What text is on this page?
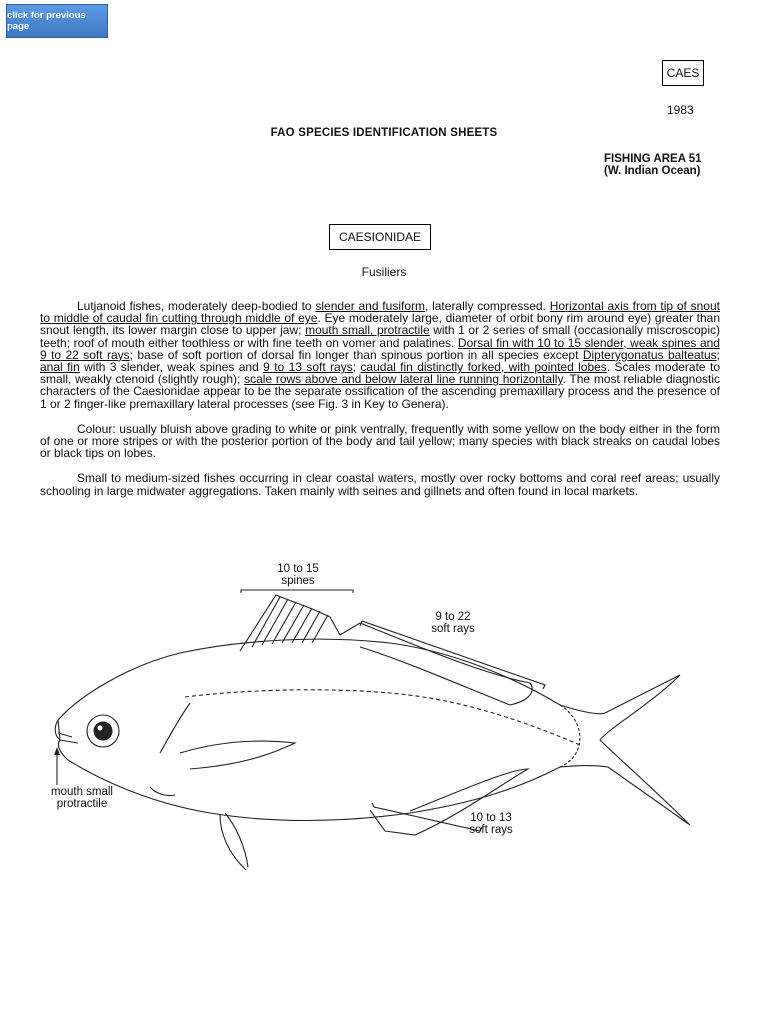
click for previous page
CAES
1983
FAO SPECIES IDENTIFICATION SHEETS
FISHING AREA 51
(W. Indian Ocean)
CAESIONIDAE
Fusiliers

Lutjanoid fishes, moderately deep-bodied to slender and fusiform, laterally compressed. Horizontal axis from tip of snout to middle of caudal fin cutting through middle of eye. Eye moderately large, diameter of orbit bony rim around eye) greater than snout length, its lower margin close to upper jaw; mouth small, protractile with 1 or 2 series of small (occasionally miscroscopic) teeth; roof of mouth either toothless or with fine teeth on vomer and palatines. Dorsal fin with 10 to 15 slender, weak spines and 9 to 22 soft rays; base of soft portion of dorsal fin longer than spinous portion in all species except Dipterygonatus balteatus; anal fin with 3 slender, weak spines and 9 to 13 soft rays; caudal fin distinctly forked, with pointed lobes. Scales moderate to small, weakly ctenoid (slightly rough); scale rows above and below lateral line running horizontally. The most reliable diagnostic characters of the Caesionidae appear to be the separate ossification of the ascending premaxillary process and the presence of 1 or 2 finger-like premaxillary lateral processes (see Fig. 3 in Key to Genera).

Colour: usually bluish above grading to white or pink ventrally, frequently with some yellow on the body either in the form of one or more stripes or with the posterior portion of the body and tail yellow; many species with black streaks on caudal lobes or black tips on lobes.

Small to medium-sized fishes occurring in clear coastal waters, mostly over rocky bottoms and coral reef areas; usually schooling in large midwater aggregations. Taken mainly with seines and gillnets and often found in local markets.

10 to 15
spines
9 to 22
soft rays
mouth small
protractile
10 to 13
soft rays
